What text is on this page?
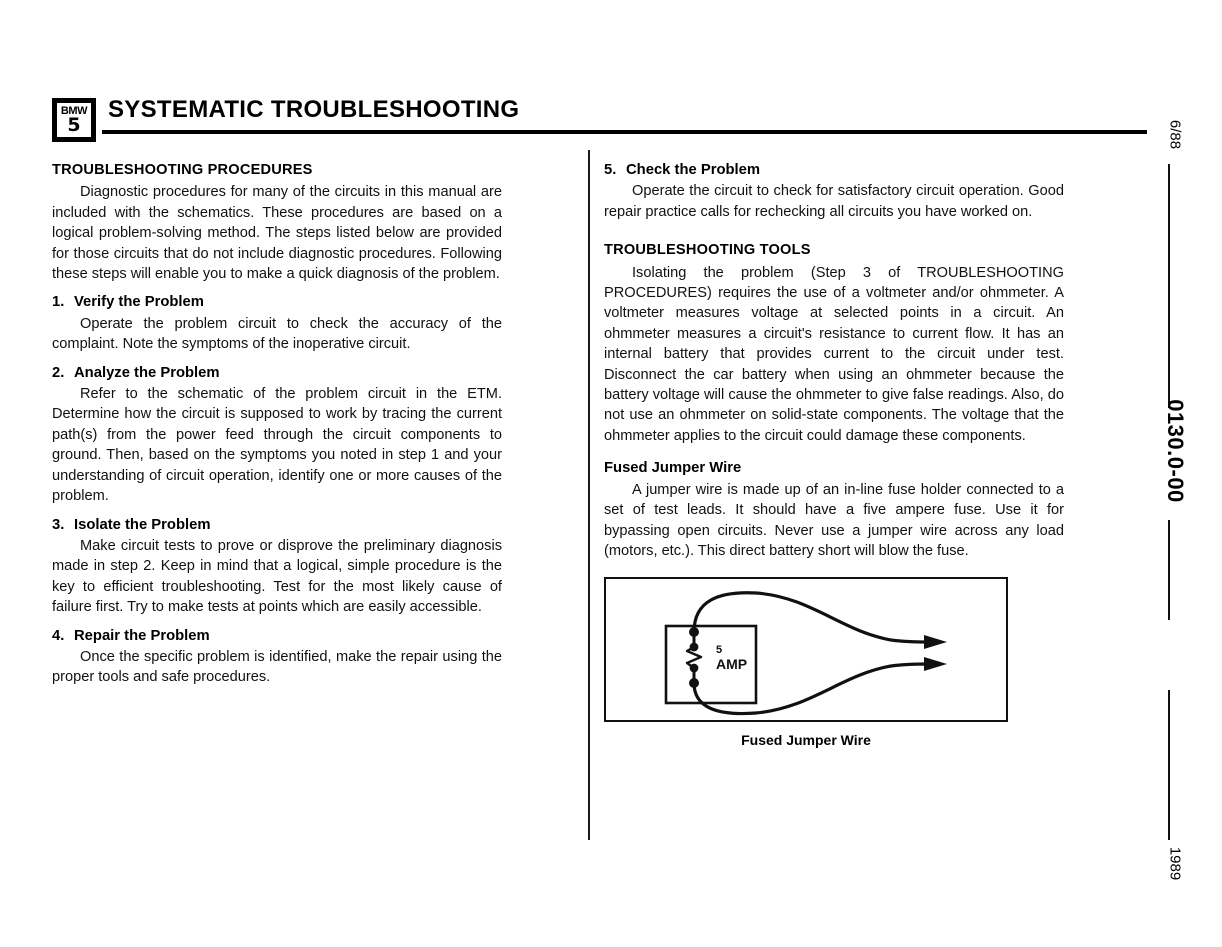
BMW
5
SYSTEMATIC TROUBLESHOOTING
TROUBLESHOOTING PROCEDURES

Diagnostic procedures for many of the circuits in this manual are included with the schematics. These procedures are based on a logical problem-solving method. The steps listed below are provided for those circuits that do not include diagnostic procedures. Following these steps will enable you to make a quick diagnosis of the problem.

1. Verify the Problem

Operate the problem circuit to check the accuracy of the complaint. Note the symptoms of the inoperative circuit.

2. Analyze the Problem

Refer to the schematic of the problem circuit in the ETM. Determine how the circuit is supposed to work by tracing the current path(s) from the power feed through the circuit components to ground. Then, based on the symptoms you noted in step 1 and your understanding of circuit operation, identify one or more causes of the problem.

3. Isolate the Problem

Make circuit tests to prove or disprove the preliminary diagnosis made in step 2. Keep in mind that a logical, simple procedure is the key to efficient troubleshooting. Test for the most likely cause of failure first. Try to make tests at points which are easily accessible.

4. Repair the Problem

Once the specific problem is identified, make the repair using the proper tools and safe procedures.

5. Check the Problem

Operate the circuit to check for satisfactory circuit operation. Good repair practice calls for rechecking all circuits you have worked on.

TROUBLESHOOTING TOOLS

Isolating the problem (Step 3 of TROUBLESHOOTING PROCEDURES) requires the use of a voltmeter and/or ohmmeter. A voltmeter measures voltage at selected points in a circuit. An ohmmeter measures a circuit's resistance to current flow. It has an internal battery that provides current to the circuit under test. Disconnect the car battery when using an ohmmeter because the battery voltage will cause the ohmmeter to give false readings. Also, do not use an ohmmeter on solid-state components. The voltage that the ohmmeter applies to the circuit could damage these components.

Fused Jumper Wire

A jumper wire is made up of an in-line fuse holder connected to a set of test leads. It should have a five ampere fuse. Use it for bypassing open circuits. Never use a jumper wire across any load (motors, etc.). This direct battery short will blow the fuse.

5
AMP
Fused Jumper Wire
6/88
0130.0-00
1989
